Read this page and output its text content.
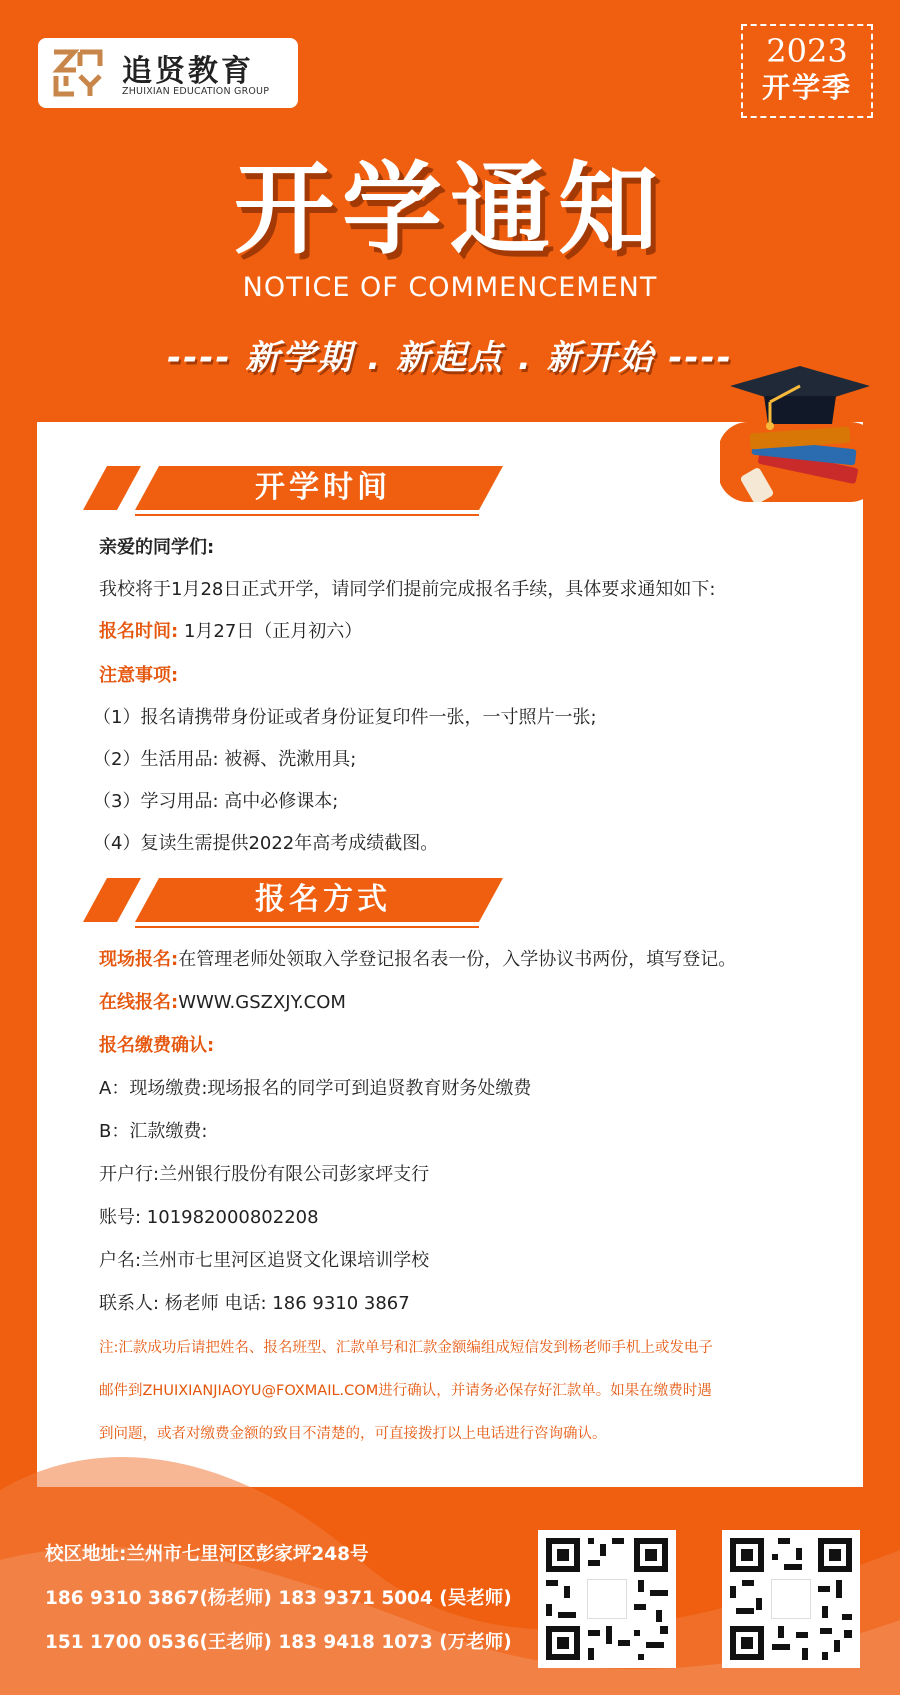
追贤教育
ZHUIXIAN EDUCATION GROUP
2023
开学季
开学通知
NOTICE OF COMMENCEMENT
---- 新学期 . 新起点 . 新开始 ----
开学时间
亲爱的同学们:
我校将于1月28日正式开学，请同学们提前完成报名手续，具体要求通知如下:
报名时间: 1月27日（正月初六）
注意事项:
（1）报名请携带身份证或者身份证复印件一张，一寸照片一张;
（2）生活用品: 被褥、洗漱用具;
（3）学习用品: 高中必修课本;
（4）复读生需提供2022年高考成绩截图。
报名方式
现场报名:在管理老师处领取入学登记报名表一份，入学协议书两份，填写登记。
在线报名:WWW.GSZXJY.COM
报名缴费确认:
A：现场缴费:现场报名的同学可到追贤教育财务处缴费
B：汇款缴费:
开户行:兰州银行股份有限公司彭家坪支行
账号: 101982000802208
户名:兰州市七里河区追贤文化课培训学校
联系人: 杨老师 电话: 186 9310 3867
注:汇款成功后请把姓名、报名班型、汇款单号和汇款金额编组成短信发到杨老师手机上或发电子
邮件到ZHUIXIANJIAOYU@FOXMAIL.COM进行确认，并请务必保存好汇款单。如果在缴费时遇
到问题，或者对缴费金额的致目不清楚的，可直接拨打以上电话进行咨询确认。
校区地址:兰州市七里河区彭家坪248号
186 9310 3867(杨老师) 183 9371 5004 (吴老师)
151 1700 0536(王老师) 183 9418 1073 (万老师)
